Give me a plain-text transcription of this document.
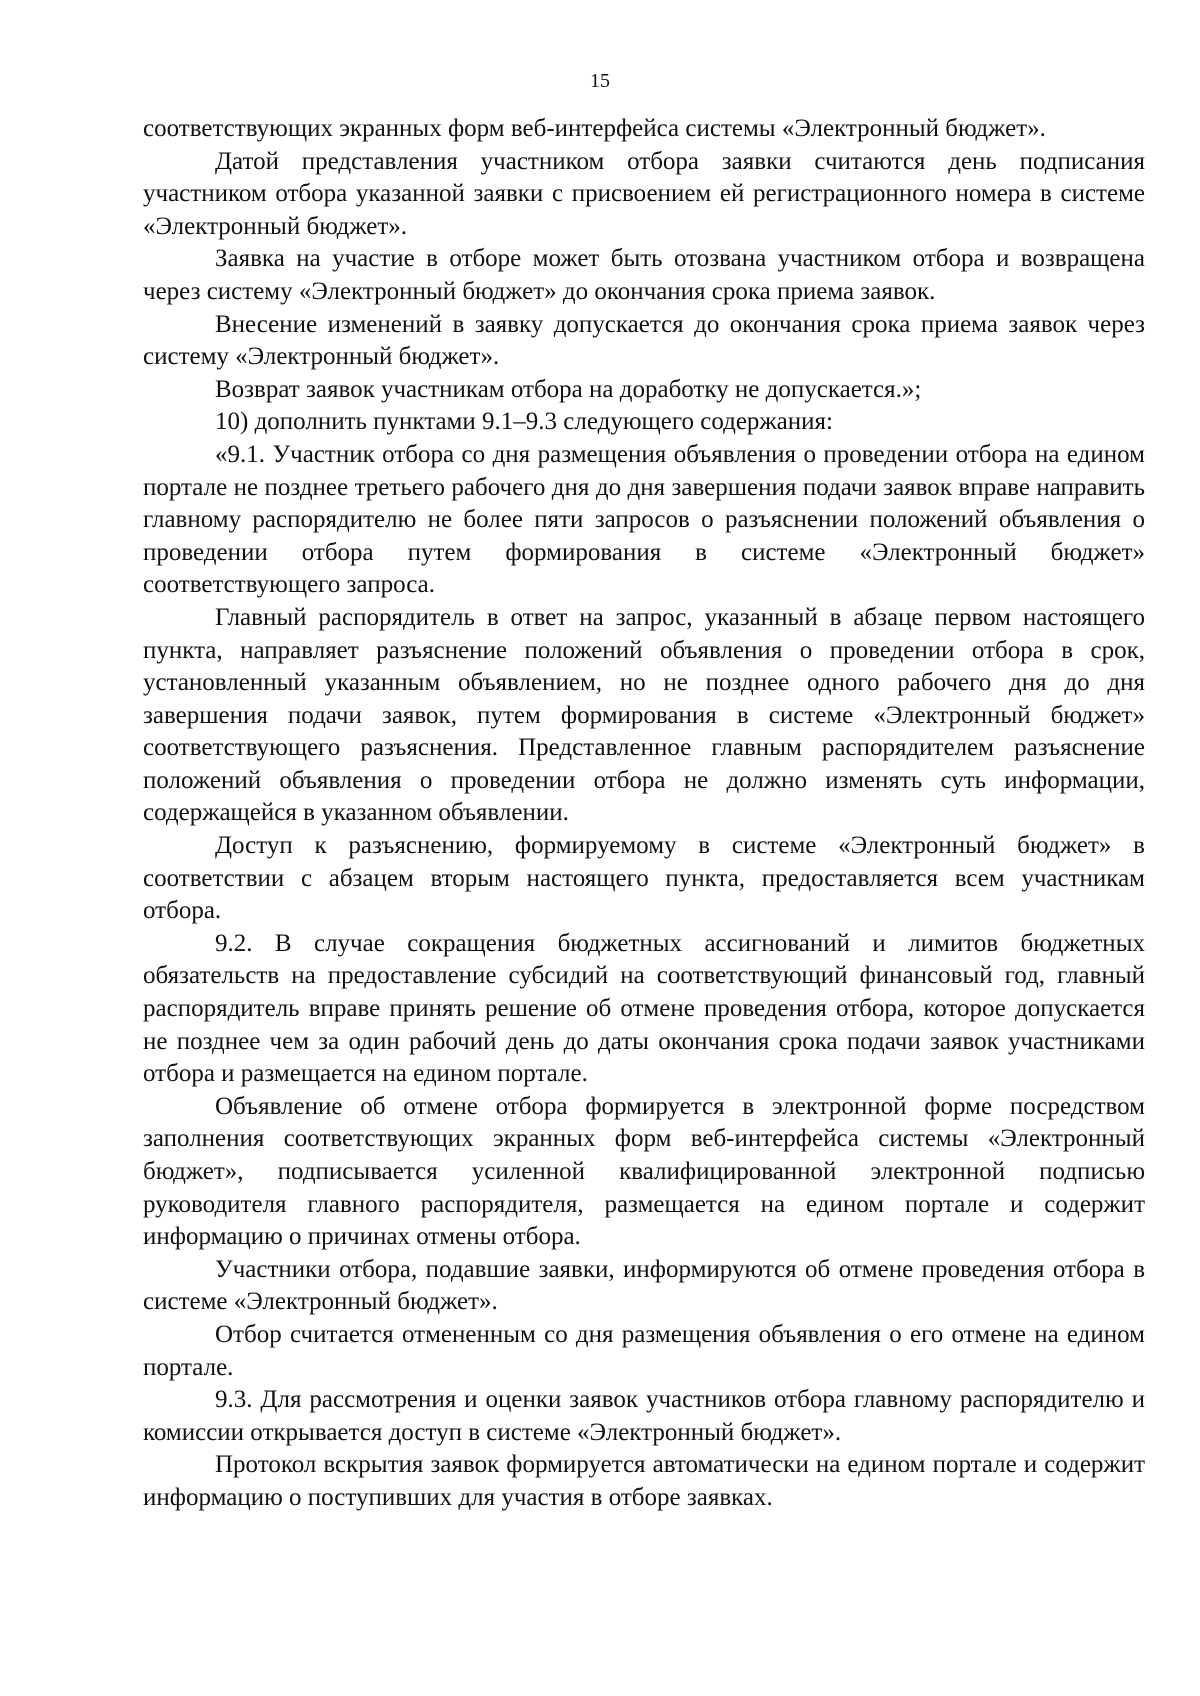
15

соответствующих экранных форм веб-интерфейса системы «Электронный бюджет».

Датой представления участником отбора заявки считаются день подписания участником отбора указанной заявки с присвоением ей регистрационного номера в системе «Электронный бюджет».

Заявка на участие в отборе может быть отозвана участником отбора и возвращена через систему «Электронный бюджет» до окончания срока приема заявок.

Внесение изменений в заявку допускается до окончания срока приема заявок через систему «Электронный бюджет».

Возврат заявок участникам отбора на доработку не допускается.»;

10) дополнить пунктами 9.1–9.3 следующего содержания:

«9.1. Участник отбора со дня размещения объявления о проведении отбора на едином портале не позднее третьего рабочего дня до дня завершения подачи заявок вправе направить главному распорядителю не более пяти запросов о разъяснении положений объявления о проведении отбора путем формирования в системе «Электронный бюджет» соответствующего запроса.

Главный распорядитель в ответ на запрос, указанный в абзаце первом настоящего пункта, направляет разъяснение положений объявления о проведении отбора в срок, установленный указанным объявлением, но не позднее одного рабочего дня до дня завершения подачи заявок, путем формирования в системе «Электронный бюджет» соответствующего разъяснения. Представленное главным распорядителем разъяснение положений объявления о проведении отбора не должно изменять суть информации, содержащейся в указанном объявлении.

Доступ к разъяснению, формируемому в системе «Электронный бюджет» в соответствии с абзацем вторым настоящего пункта, предоставляется всем участникам отбора.

9.2. В случае сокращения бюджетных ассигнований и лимитов бюджетных обязательств на предоставление субсидий на соответствующий финансовый год, главный распорядитель вправе принять решение об отмене проведения отбора, которое допускается не позднее чем за один рабочий день до даты окончания срока подачи заявок участниками отбора и размещается на едином портале.

Объявление об отмене отбора формируется в электронной форме посредством заполнения соответствующих экранных форм веб-интерфейса системы «Электронный бюджет», подписывается усиленной квалифицированной электронной подписью руководителя главного распорядителя, размещается на едином портале и содержит информацию о причинах отмены отбора.

Участники отбора, подавшие заявки, информируются об отмене проведения отбора в системе «Электронный бюджет».

Отбор считается отмененным со дня размещения объявления о его отмене на едином портале.

9.3. Для рассмотрения и оценки заявок участников отбора главному распорядителю и комиссии открывается доступ в системе «Электронный бюджет».

Протокол вскрытия заявок формируется автоматически на едином портале и содержит информацию о поступивших для участия в отборе заявках.
